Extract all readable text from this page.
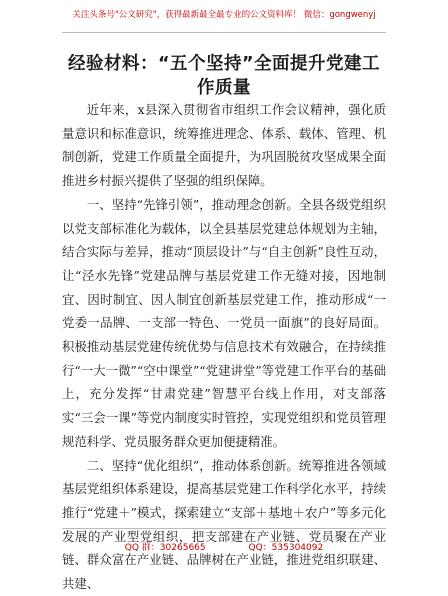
关注头条号"公文研究"，获得最新最全最专业的公文资料库！ 微信：gongwenyj
经验材料：“五个坚持”全面提升党建工作质量

近年来，x县深入贯彻省市组织工作会议精神，强化质量意识和标准意识，统筹推进理念、体系、载体、管理、机制创新，党建工作质量全面提升，为巩固脱贫攻坚成果全面推进乡村振兴提供了坚强的组织保障。

一、坚持“先锋引领”，推动理念创新。全县各级党组织以党支部标准化为载体，以全县基层党建总体规划为主轴，结合实际与差异，推动“顶层设计”与“自主创新”良性互动，让“泾水先锋”党建品牌与基层党建工作无缝对接，因地制宜、因时制宜、因人制宜创新基层党建工作，推动形成“一党委一品牌、一支部一特色、一党员一面旗”的良好局面。积极推动基层党建传统优势与信息技术有效融合，在持续推行“一大一微”“空中课堂”“党建讲堂”等党建工作平台的基础上，充分发挥“甘肃党建”智慧平台线上作用，对支部落实“三会一课”等党内制度实时管控，实现党组织和党员管理规范科学、党员服务群众更加便捷精准。

二、坚持“优化组织”，推动体系创新。统筹推进各领域基层党组织体系建设，提高基层党建工作科学化水平，持续推行“党建＋”模式，探索建立“支部＋基地＋农户”等多元化发展的产业型党组织，把支部建在产业链、党员聚在产业链、群众富在产业链、品牌树在产业链，推进党组织联建、共建、

QQ 群：30265665	QQ：535304092
